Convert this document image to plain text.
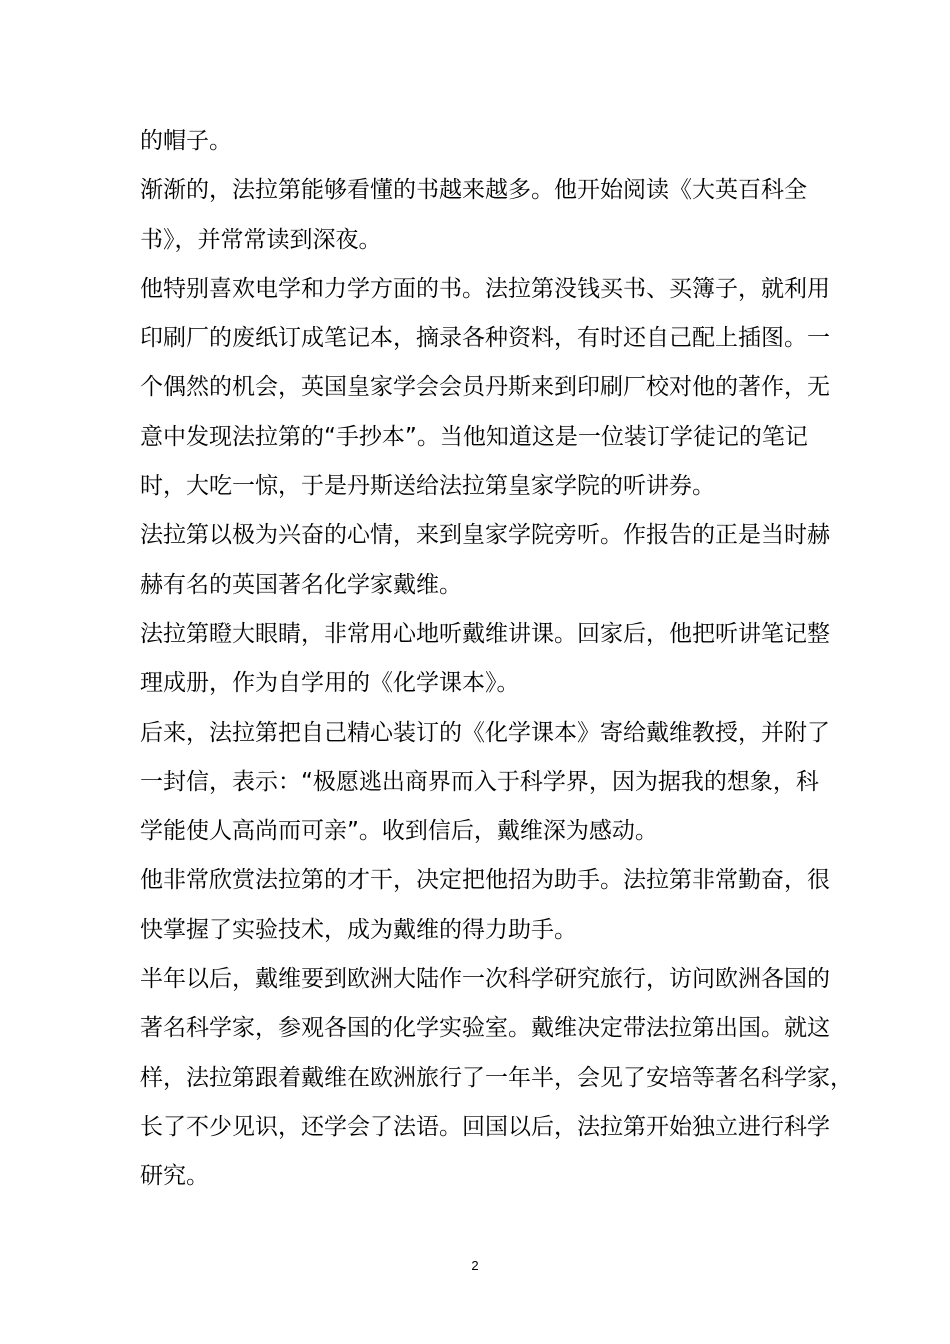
的帽子。

渐渐的，法拉第能够看懂的书越来越多。他开始阅读《大英百科全
书》，并常常读到深夜。

他特别喜欢电学和力学方面的书。法拉第没钱买书、买簿子，就利用
印刷厂的废纸订成笔记本，摘录各种资料，有时还自己配上插图。一
个偶然的机会，英国皇家学会会员丹斯来到印刷厂校对他的著作，无
意中发现法拉第的“手抄本”。当他知道这是一位装订学徒记的笔记
时，大吃一惊，于是丹斯送给法拉第皇家学院的听讲券。

法拉第以极为兴奋的心情，来到皇家学院旁听。作报告的正是当时赫
赫有名的英国著名化学家戴维。

法拉第瞪大眼睛，非常用心地听戴维讲课。回家后，他把听讲笔记整
理成册，作为自学用的《化学课本》。

后来，法拉第把自己精心装订的《化学课本》寄给戴维教授，并附了
一封信，表示：“极愿逃出商界而入于科学界，因为据我的想象，科
学能使人高尚而可亲”。收到信后，戴维深为感动。

他非常欣赏法拉第的才干，决定把他招为助手。法拉第非常勤奋，很
快掌握了实验技术，成为戴维的得力助手。

半年以后，戴维要到欧洲大陆作一次科学研究旅行，访问欧洲各国的
著名科学家，参观各国的化学实验室。戴维决定带法拉第出国。就这
样，法拉第跟着戴维在欧洲旅行了一年半，会见了安培等著名科学家，
长了不少见识，还学会了法语。回国以后，法拉第开始独立进行科学
研究。

2
